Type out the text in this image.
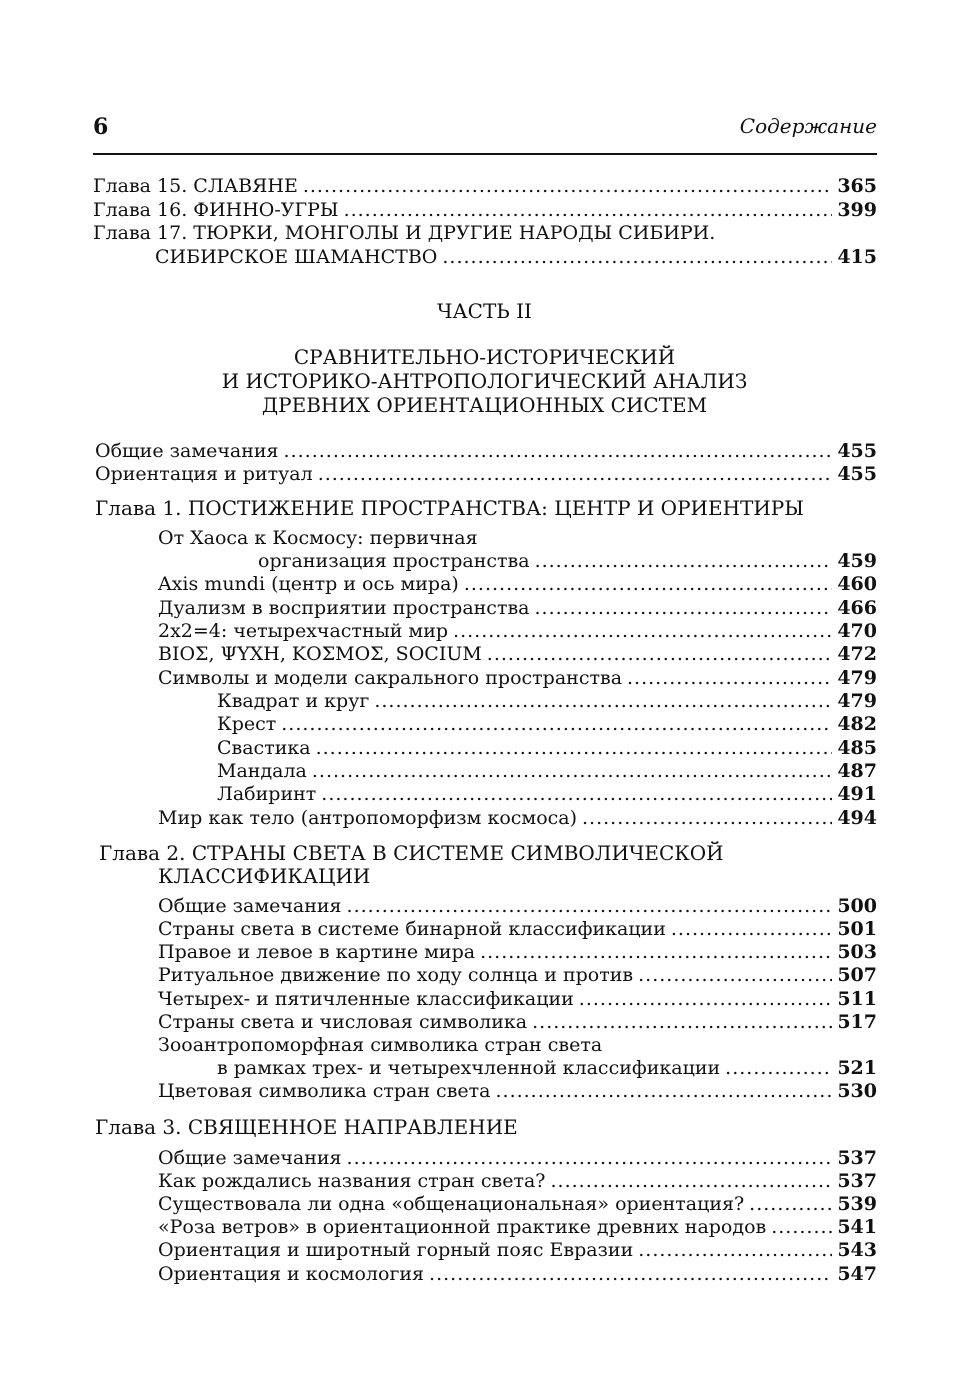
6	Содержание
Глава 15. СЛАВЯНЕ .....	365
Глава 16. ФИННО-УГРЫ .....	399
Глава 17. ТЮРКИ, МОНГОЛЫ И ДРУГИЕ НАРОДЫ СИБИРИ.
СИБИРСКОЕ ШАМАНСТВО .....	415
ЧАСТЬ II
СРАВНИТЕЛЬНО-ИСТОРИЧЕСКИЙ
И ИСТОРИКО-АНТРОПОЛОГИЧЕСКИЙ АНАЛИЗ
ДРЕВНИХ ОРИЕНТАЦИОННЫХ СИСТЕМ
Общие замечания .....	455
Ориентация и ритуал .....	455
Глава 1. ПОСТИЖЕНИЕ ПРОСТРАНСТВА: ЦЕНТР И ОРИЕНТИРЫ
От Хаоса к Космосу: первичная
организация пространства .....	459
Axis mundi (центр и ось мира) .....	460
Дуализм в восприятии пространства .....	466
2x2=4: четырехчастный мир .....	470
ΒΙΟΣ, ΨΥΧΗ, ΚΟΣΜΟΣ, SOCIUM .....	472
Символы и модели сакрального пространства .....	479
Квадрат и круг .....	479
Крест .....	482
Свастика .....	485
Мандала .....	487
Лабиринт .....	491
Мир как тело (антропоморфизм космоса) .....	494
Глава 2. СТРАНЫ СВЕТА В СИСТЕМЕ СИМВОЛИЧЕСКОЙ
КЛАССИФИКАЦИИ
Общие замечания .....	500
Страны света в системе бинарной классификации .....	501
Правое и левое в картине мира .....	503
Ритуальное движение по ходу солнца и против .....	507
Четырех- и пятичленные классификации .....	511
Страны света и числовая символика .....	517
Зооантропоморфная символика стран света
в рамках трех- и четырехчленной классификации .....	521
Цветовая символика стран света .....	530
Глава 3. СВЯЩЕННОЕ НАПРАВЛЕНИЕ
Общие замечания .....	537
Как рождались названия стран света? .....	537
Существовала ли одна «общенациональная» ориентация? .....	539
«Роза ветров» в ориентационной практике древних народов .....	541
Ориентация и широтный горный пояс Евразии .....	543
Ориентация и космология .....	547
